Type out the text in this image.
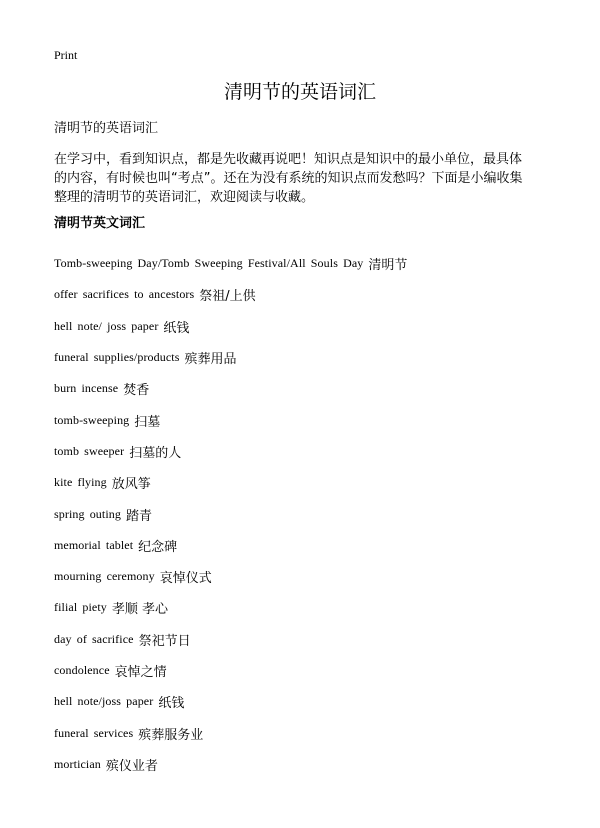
Print
清明节的英语词汇
清明节的英语词汇

在学习中，看到知识点，都是先收藏再说吧！知识点是知识中的最小单位，最具体
的内容，有时候也叫“考点”。还在为没有系统的知识点而发愁吗？下面是小编收集
整理的清明节的英语词汇，欢迎阅读与收藏。

清明节英文词汇
Tomb-sweeping Day/Tomb Sweeping Festival/All Souls Day 清明节
offer sacrifices to ancestors 祭祖/上供
hell note/ joss paper 纸钱
funeral supplies/products 殡葬用品
burn incense 焚香
tomb-sweeping 扫墓
tomb sweeper 扫墓的人
kite flying 放风筝
spring outing 踏青
memorial tablet 纪念碑
mourning ceremony 哀悼仪式
filial piety 孝顺 孝心
day of sacrifice 祭祀节日
condolence 哀悼之情
hell note/joss paper 纸钱
funeral services 殡葬服务业
mortician 殡仪业者
